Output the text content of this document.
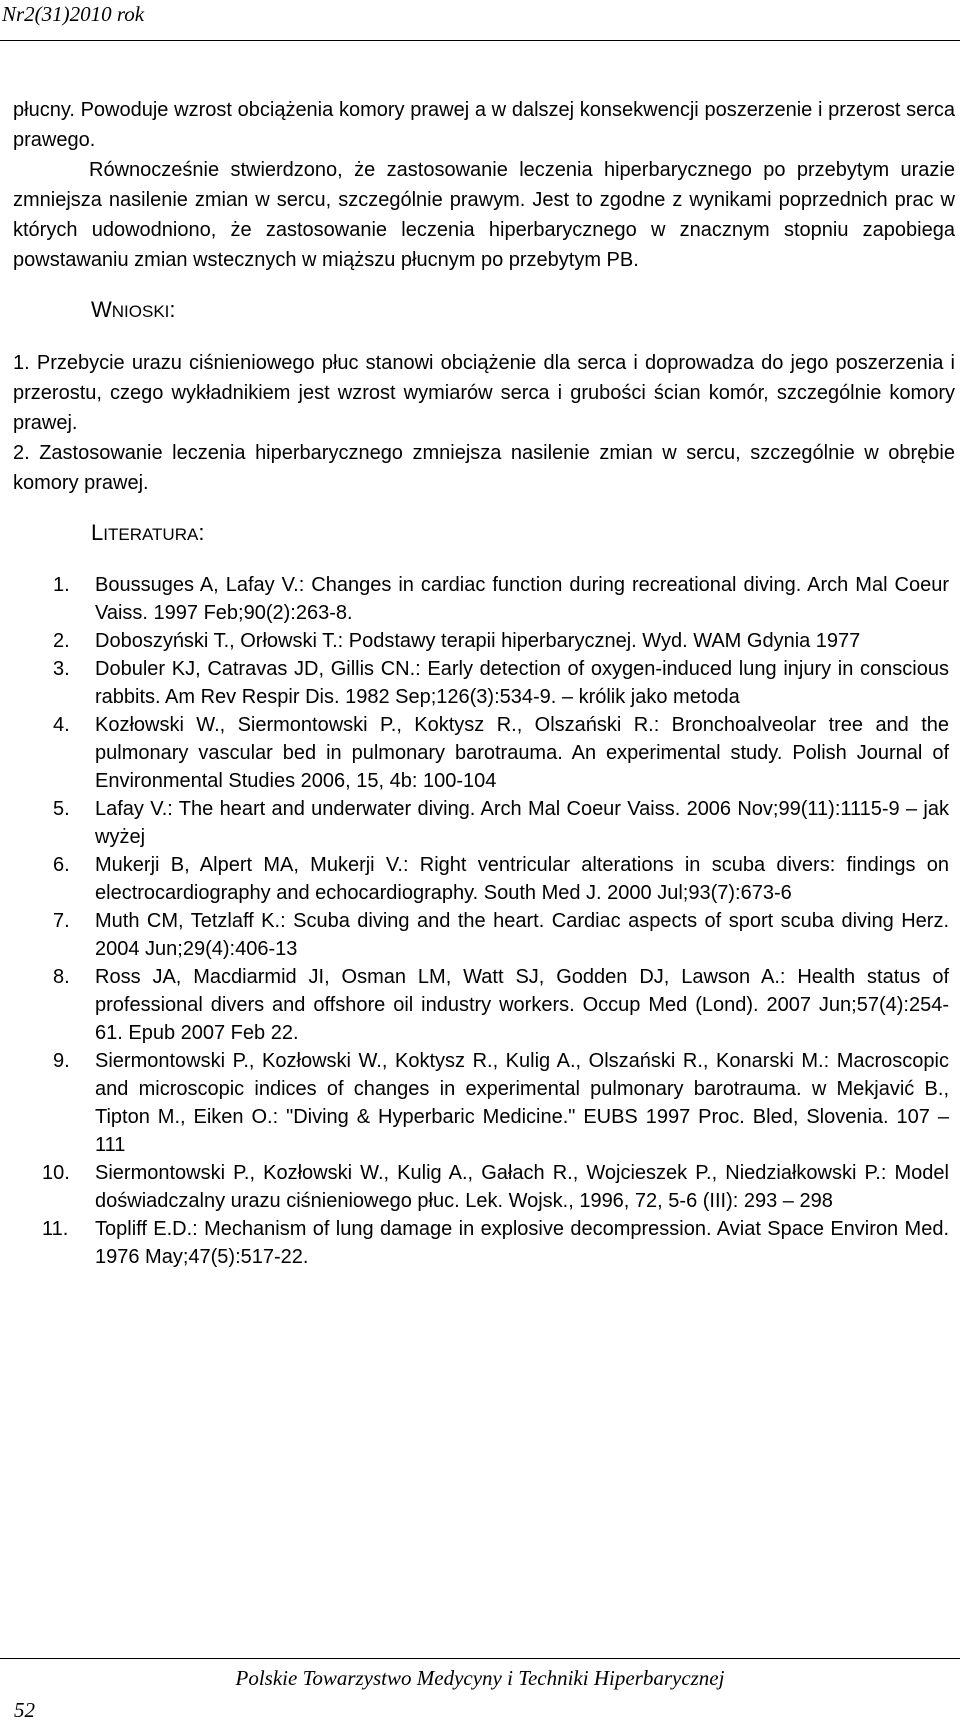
Nr2(31)2010 rok

płucny. Powoduje wzrost obciążenia komory prawej a w dalszej konsekwencji poszerzenie i przerost serca prawego.

Równocześnie stwierdzono, że zastosowanie leczenia hiperbarycznego po przebytym urazie zmniejsza nasilenie zmian w sercu, szczególnie prawym. Jest to zgodne z wynikami poprzednich prac w których udowodniono, że zastosowanie leczenia hiperbarycznego w znacznym stopniu zapobiega powstawaniu zmian wstecznych w miąższu płucnym po przebytym PB.

WNIOSKI:

1. Przebycie urazu ciśnieniowego płuc stanowi obciążenie dla serca i doprowadza do jego poszerzenia i przerostu, czego wykładnikiem jest wzrost wymiarów serca i grubości ścian komór, szczególnie komory prawej.

2. Zastosowanie leczenia hiperbarycznego zmniejsza nasilenie zmian w sercu, szczególnie w obrębie komory prawej.

LITERATURA:
1. Boussuges A, Lafay V.: Changes in cardiac function during recreational diving. Arch Mal Coeur Vaiss. 1997 Feb;90(2):263-8.
2. Doboszyński T., Orłowski T.: Podstawy terapii hiperbarycznej. Wyd. WAM Gdynia 1977
3. Dobuler KJ, Catravas JD, Gillis CN.: Early detection of oxygen-induced lung injury in conscious rabbits. Am Rev Respir Dis. 1982 Sep;126(3):534-9. – królik jako metoda
4. Kozłowski W., Siermontowski P., Koktysz R., Olszański R.: Bronchoalveolar tree and the pulmonary vascular bed in pulmonary barotrauma. An experimental study. Polish Journal of Environmental Studies 2006, 15, 4b: 100-104
5. Lafay V.: The heart and underwater diving. Arch Mal Coeur Vaiss. 2006 Nov;99(11):1115-9 – jak wyżej
6. Mukerji B, Alpert MA, Mukerji V.: Right ventricular alterations in scuba divers: findings on electrocardiography and echocardiography. South Med J. 2000 Jul;93(7):673-6
7. Muth CM, Tetzlaff K.: Scuba diving and the heart. Cardiac aspects of sport scuba diving Herz. 2004 Jun;29(4):406-13
8. Ross JA, Macdiarmid JI, Osman LM, Watt SJ, Godden DJ, Lawson A.: Health status of professional divers and offshore oil industry workers. Occup Med (Lond). 2007 Jun;57(4):254-61. Epub 2007 Feb 22.
9. Siermontowski P., Kozłowski W., Koktysz R., Kulig A., Olszański R., Konarski M.: Macroscopic and microscopic indices of changes in experimental pulmonary barotrauma. w Mekjavić B., Tipton M., Eiken O.: "Diving & Hyperbaric Medicine." EUBS 1997 Proc. Bled, Slovenia. 107 – 111
10. Siermontowski P., Kozłowski W., Kulig A., Gałach R., Wojcieszek P., Niedziałkowski P.: Model doświadczalny urazu ciśnieniowego płuc. Lek. Wojsk., 1996, 72, 5-6 (III): 293 – 298
11. Topliff E.D.: Mechanism of lung damage in explosive decompression. Aviat Space Environ Med. 1976 May;47(5):517-22.
Polskie Towarzystwo Medycyny i Techniki Hiperbarycznej
52
